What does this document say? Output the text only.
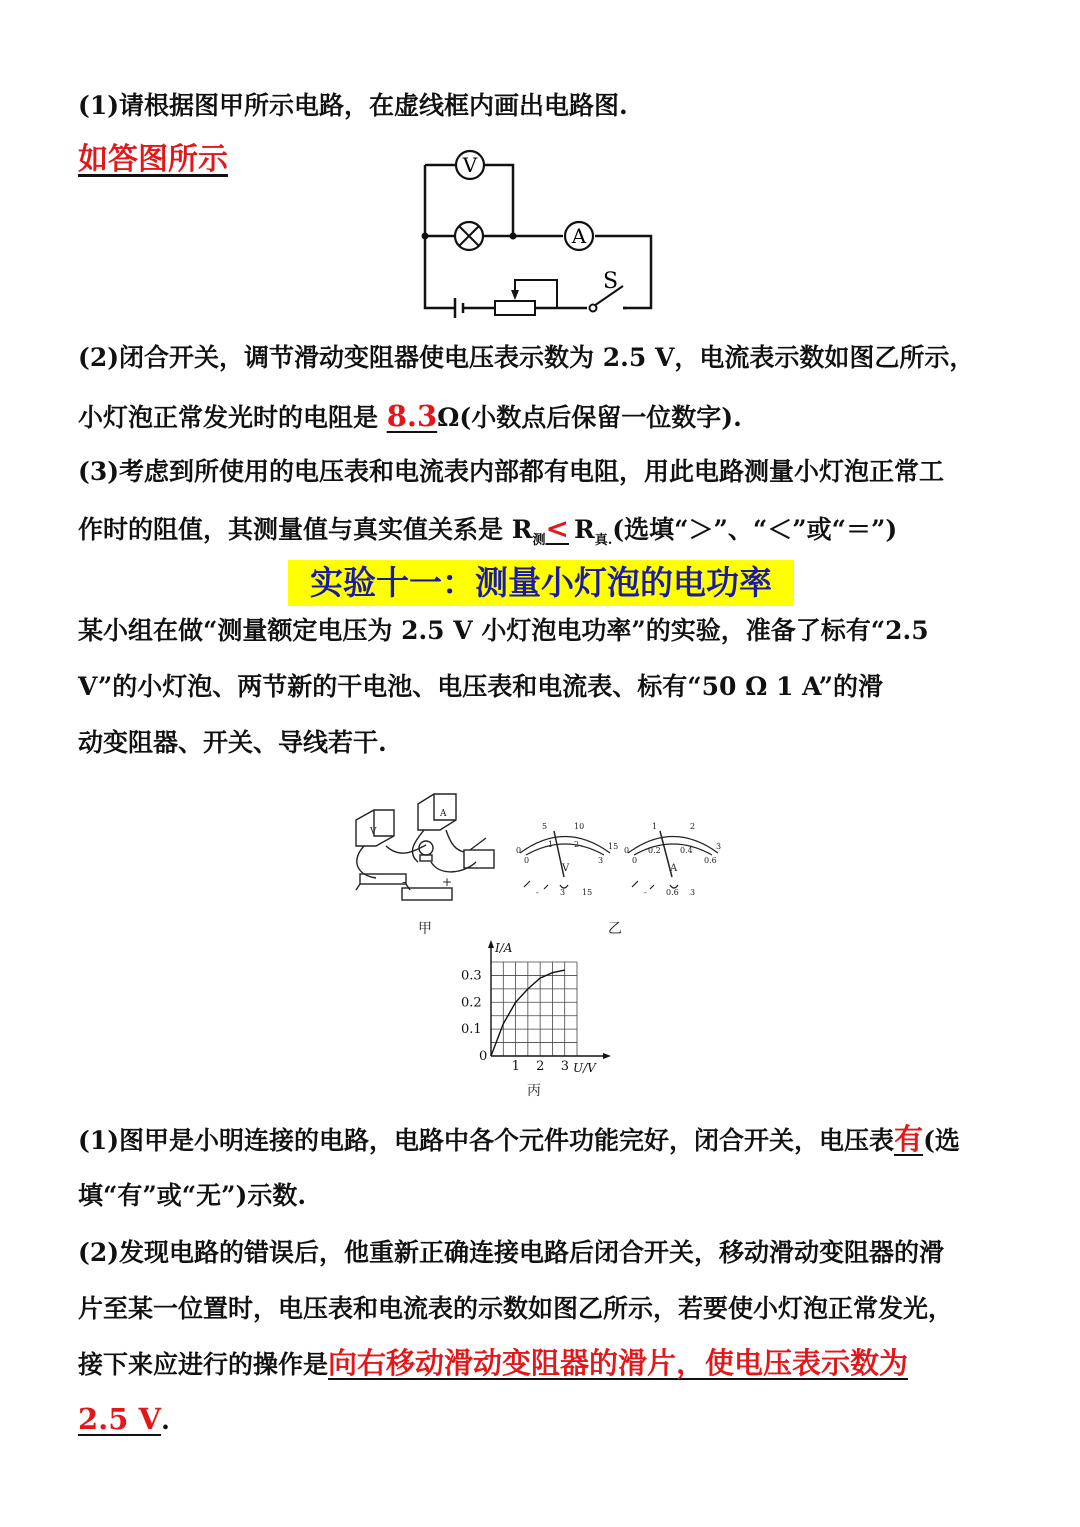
(1)请根据图甲所示电路，在虚线框内画出电路图.
如答图所示	V
A
S
(2)闭合开关，调节滑动变阻器使电压表示数为 2.5 V，电流表示数如图乙所示，
小灯泡正常发光时的电阻是 8.3Ω(小数点后保留一位数字).
(3)考虑到所使用的电压表和电流表内部都有电阻，用此电路测量小灯泡正常工
作时的阻值，其测量值与真实值关系是 $R_测< R_{真.}$(选填“＞”、“＜”或“＝”)
实验十一：测量小灯泡的电功率
某小组在做“测量额定电压为 2.5 V 小灯泡电功率”的实验，准备了标有“2.5
V”的小灯泡、两节新的干电池、电压表和电流表、标有“50 Ω 1 A”的滑
动变阻器、开关、导线若干.
V
A
-	+
甲
0
5	10
15
0
1	2
3
V
-	3 15
0
1	2
3
0
0.2 0.4
0.6
A
- 0.6 3
乙
I/A
U/V
0
1 2 3
0.1
0.2
0.3
丙
(1)图甲是小明连接的电路，电路中各个元件功能完好，闭合开关，电压表有(选
填“有”或“无”)示数.
(2)发现电路的错误后，他重新正确连接电路后闭合开关，移动滑动变阻器的滑
片至某一位置时，电压表和电流表的示数如图乙所示，若要使小灯泡正常发光，
接下来应进行的操作是向右移动滑动变阻器的滑片，使电压表示数为
2.5 V.
